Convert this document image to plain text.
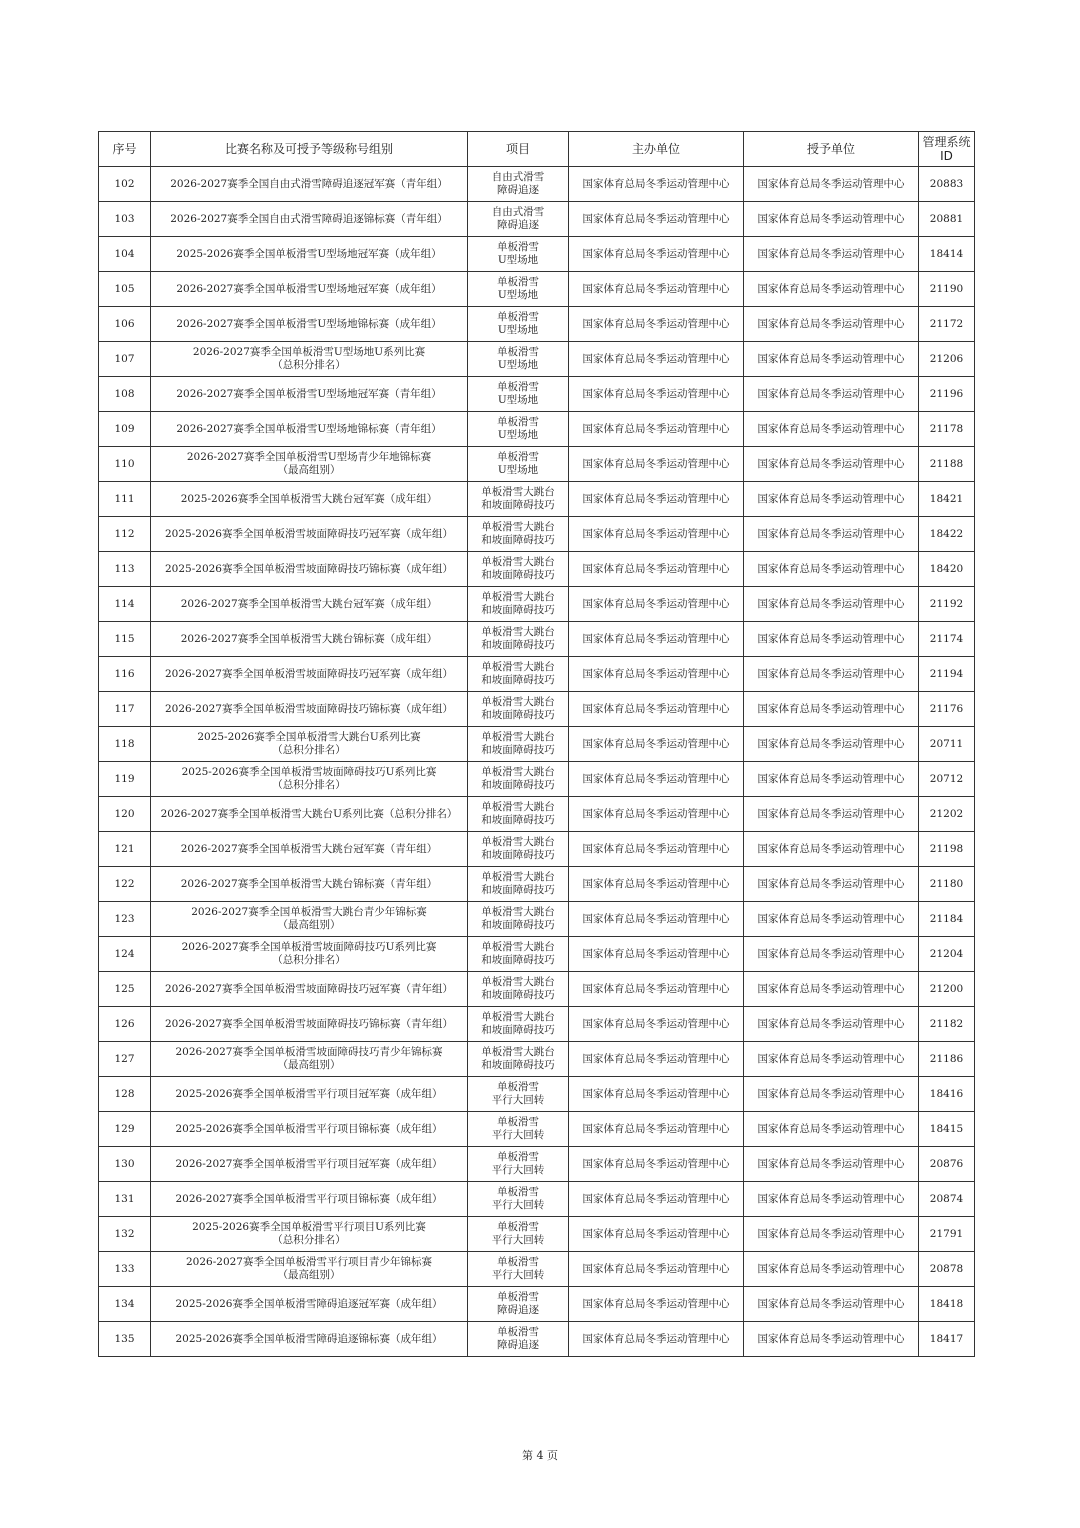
序号	比赛名称及可授予等级称号组别	项目	主办单位	授予单位	管理系统
ID
102	2026-2027赛季全国自由式滑雪障碍追逐冠军赛（青年组）	自由式滑雪
障碍追逐	国家体育总局冬季运动管理中心	国家体育总局冬季运动管理中心	20883
103	2026-2027赛季全国自由式滑雪障碍追逐锦标赛（青年组）	自由式滑雪
障碍追逐	国家体育总局冬季运动管理中心	国家体育总局冬季运动管理中心	20881
104	2025-2026赛季全国单板滑雪U型场地冠军赛（成年组）	单板滑雪
U型场地	国家体育总局冬季运动管理中心	国家体育总局冬季运动管理中心	18414
105	2026-2027赛季全国单板滑雪U型场地冠军赛（成年组）	单板滑雪
U型场地	国家体育总局冬季运动管理中心	国家体育总局冬季运动管理中心	21190
106	2026-2027赛季全国单板滑雪U型场地锦标赛（成年组）	单板滑雪
U型场地	国家体育总局冬季运动管理中心	国家体育总局冬季运动管理中心	21172
107	2026-2027赛季全国单板滑雪U型场地U系列比赛
（总积分排名）	单板滑雪
U型场地	国家体育总局冬季运动管理中心	国家体育总局冬季运动管理中心	21206
108	2026-2027赛季全国单板滑雪U型场地冠军赛（青年组）	单板滑雪
U型场地	国家体育总局冬季运动管理中心	国家体育总局冬季运动管理中心	21196
109	2026-2027赛季全国单板滑雪U型场地锦标赛（青年组）	单板滑雪
U型场地	国家体育总局冬季运动管理中心	国家体育总局冬季运动管理中心	21178
110	2026-2027赛季全国单板滑雪U型场青少年地锦标赛
（最高组别）	单板滑雪
U型场地	国家体育总局冬季运动管理中心	国家体育总局冬季运动管理中心	21188
111	2025-2026赛季全国单板滑雪大跳台冠军赛（成年组）	单板滑雪大跳台
和坡面障碍技巧	国家体育总局冬季运动管理中心	国家体育总局冬季运动管理中心	18421
112	2025-2026赛季全国单板滑雪坡面障碍技巧冠军赛（成年组）	单板滑雪大跳台
和坡面障碍技巧	国家体育总局冬季运动管理中心	国家体育总局冬季运动管理中心	18422
113	2025-2026赛季全国单板滑雪坡面障碍技巧锦标赛（成年组）	单板滑雪大跳台
和坡面障碍技巧	国家体育总局冬季运动管理中心	国家体育总局冬季运动管理中心	18420
114	2026-2027赛季全国单板滑雪大跳台冠军赛（成年组）	单板滑雪大跳台
和坡面障碍技巧	国家体育总局冬季运动管理中心	国家体育总局冬季运动管理中心	21192
115	2026-2027赛季全国单板滑雪大跳台锦标赛（成年组）	单板滑雪大跳台
和坡面障碍技巧	国家体育总局冬季运动管理中心	国家体育总局冬季运动管理中心	21174
116	2026-2027赛季全国单板滑雪坡面障碍技巧冠军赛（成年组）	单板滑雪大跳台
和坡面障碍技巧	国家体育总局冬季运动管理中心	国家体育总局冬季运动管理中心	21194
117	2026-2027赛季全国单板滑雪坡面障碍技巧锦标赛（成年组）	单板滑雪大跳台
和坡面障碍技巧	国家体育总局冬季运动管理中心	国家体育总局冬季运动管理中心	21176
118	2025-2026赛季全国单板滑雪大跳台U系列比赛
（总积分排名）	单板滑雪大跳台
和坡面障碍技巧	国家体育总局冬季运动管理中心	国家体育总局冬季运动管理中心	20711
119	2025-2026赛季全国单板滑雪坡面障碍技巧U系列比赛
（总积分排名）	单板滑雪大跳台
和坡面障碍技巧	国家体育总局冬季运动管理中心	国家体育总局冬季运动管理中心	20712
120	2026-2027赛季全国单板滑雪大跳台U系列比赛（总积分排名）	单板滑雪大跳台
和坡面障碍技巧	国家体育总局冬季运动管理中心	国家体育总局冬季运动管理中心	21202
121	2026-2027赛季全国单板滑雪大跳台冠军赛（青年组）	单板滑雪大跳台
和坡面障碍技巧	国家体育总局冬季运动管理中心	国家体育总局冬季运动管理中心	21198
122	2026-2027赛季全国单板滑雪大跳台锦标赛（青年组）	单板滑雪大跳台
和坡面障碍技巧	国家体育总局冬季运动管理中心	国家体育总局冬季运动管理中心	21180
123	2026-2027赛季全国单板滑雪大跳台青少年锦标赛
（最高组别）	单板滑雪大跳台
和坡面障碍技巧	国家体育总局冬季运动管理中心	国家体育总局冬季运动管理中心	21184
124	2026-2027赛季全国单板滑雪坡面障碍技巧U系列比赛
（总积分排名）	单板滑雪大跳台
和坡面障碍技巧	国家体育总局冬季运动管理中心	国家体育总局冬季运动管理中心	21204
125	2026-2027赛季全国单板滑雪坡面障碍技巧冠军赛（青年组）	单板滑雪大跳台
和坡面障碍技巧	国家体育总局冬季运动管理中心	国家体育总局冬季运动管理中心	21200
126	2026-2027赛季全国单板滑雪坡面障碍技巧锦标赛（青年组）	单板滑雪大跳台
和坡面障碍技巧	国家体育总局冬季运动管理中心	国家体育总局冬季运动管理中心	21182
127	2026-2027赛季全国单板滑雪坡面障碍技巧青少年锦标赛
（最高组别）	单板滑雪大跳台
和坡面障碍技巧	国家体育总局冬季运动管理中心	国家体育总局冬季运动管理中心	21186
128	2025-2026赛季全国单板滑雪平行项目冠军赛（成年组）	单板滑雪
平行大回转	国家体育总局冬季运动管理中心	国家体育总局冬季运动管理中心	18416
129	2025-2026赛季全国单板滑雪平行项目锦标赛（成年组）	单板滑雪
平行大回转	国家体育总局冬季运动管理中心	国家体育总局冬季运动管理中心	18415
130	2026-2027赛季全国单板滑雪平行项目冠军赛（成年组）	单板滑雪
平行大回转	国家体育总局冬季运动管理中心	国家体育总局冬季运动管理中心	20876
131	2026-2027赛季全国单板滑雪平行项目锦标赛（成年组）	单板滑雪
平行大回转	国家体育总局冬季运动管理中心	国家体育总局冬季运动管理中心	20874
132	2025-2026赛季全国单板滑雪平行项目U系列比赛
（总积分排名）	单板滑雪
平行大回转	国家体育总局冬季运动管理中心	国家体育总局冬季运动管理中心	21791
133	2026-2027赛季全国单板滑雪平行项目青少年锦标赛
（最高组别）	单板滑雪
平行大回转	国家体育总局冬季运动管理中心	国家体育总局冬季运动管理中心	20878
134	2025-2026赛季全国单板滑雪障碍追逐冠军赛（成年组）	单板滑雪
障碍追逐	国家体育总局冬季运动管理中心	国家体育总局冬季运动管理中心	18418
135	2025-2026赛季全国单板滑雪障碍追逐锦标赛（成年组）	单板滑雪
障碍追逐	国家体育总局冬季运动管理中心	国家体育总局冬季运动管理中心	18417
第 4 页
